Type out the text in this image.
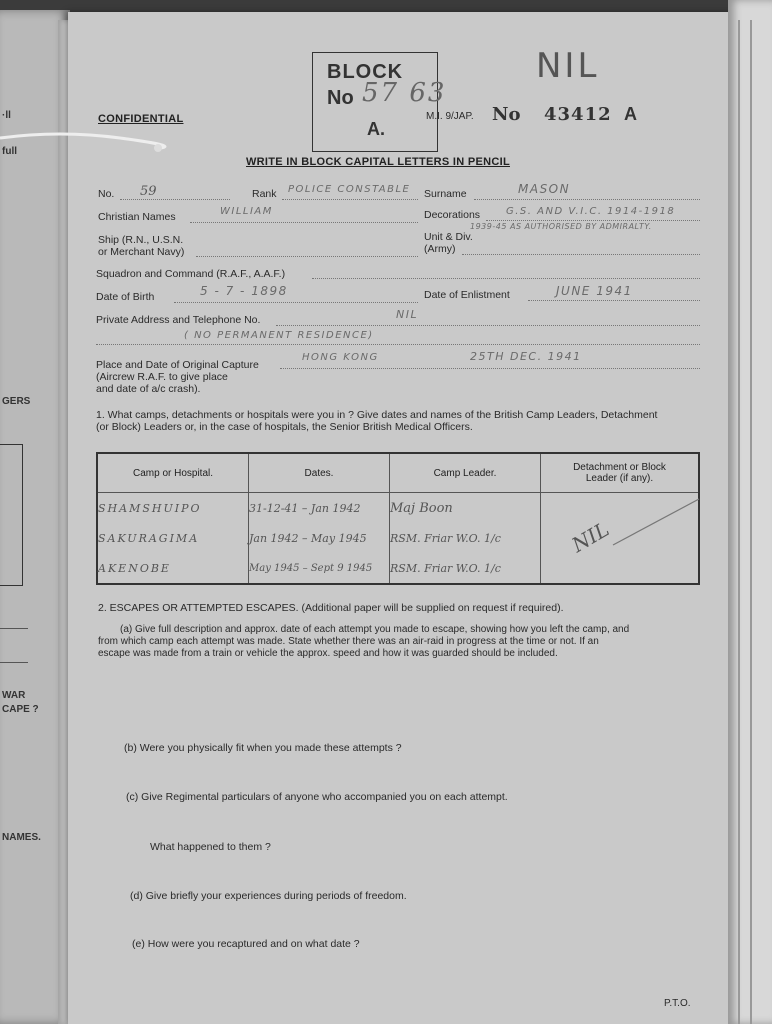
·ll
full
GERS
WAR
CAPE ?
NAMES.
CONFIDENTIAL
BLOCK
No
A.
57 63
NIL
M.I. 9/JAP. No 43412 A
WRITE IN BLOCK CAPITAL LETTERS IN PENCIL
No. 59	Rank POLICE CONSTABLE Surname	MASON
Christian Names	WILLIAM	Decorations	G.S. AND V.I.C. 1914-1918
1939-45 AS AUTHORISED BY ADMIRALTY.
Ship (R.N., U.S.N.
or Merchant Navy)
Unit & Div.
(Army)
Squadron and Command (R.A.F., A.A.F.)
Date of Birth	5 - 7 - 1898	Date of Enlistment	JUNE 1941
Private Address and Telephone No.	NIL
( NO PERMANENT RESIDENCE)
Place and Date of Original Capture
(Aircrew R.A.F. to give place
and date of a/c crash).
HONG KONG	25TH DEC. 1941
1. What camps, detachments or hospitals were you in ? Give dates and names of the British Camp Leaders, Detachment
(or Block) Leaders or, in the case of hospitals, the Senior British Medical Officers.
Camp or Hospital.	Dates.	Camp Leader.	Detachment or Block Leader (if any).
SHAMSHUIPO	31-12-41 – Jan 1942	Maj Boon	NIL

SAKURAGIMA	Jan 1942 – May 1945	RSM. Friar W.O. 1/c	
AKENOBE	May 1945 – Sept 9 1945	RSM. Friar W.O. 1/c	
2. ESCAPES OR ATTEMPTED ESCAPES. (Additional paper will be supplied on request if required).
(a) Give full description and approx. date of each attempt you made to escape, showing how you left the camp, and
from which camp each attempt was made. State whether there was an air-raid in progress at the time or not. If an
escape was made from a train or vehicle the approx. speed and how it was guarded should be included.
(b) Were you physically fit when you made these attempts ?
(c) Give Regimental particulars of anyone who accompanied you on each attempt.
What happened to them ?
(d) Give briefly your experiences during periods of freedom.
(e) How were you recaptured and on what date ?
P.T.O.
